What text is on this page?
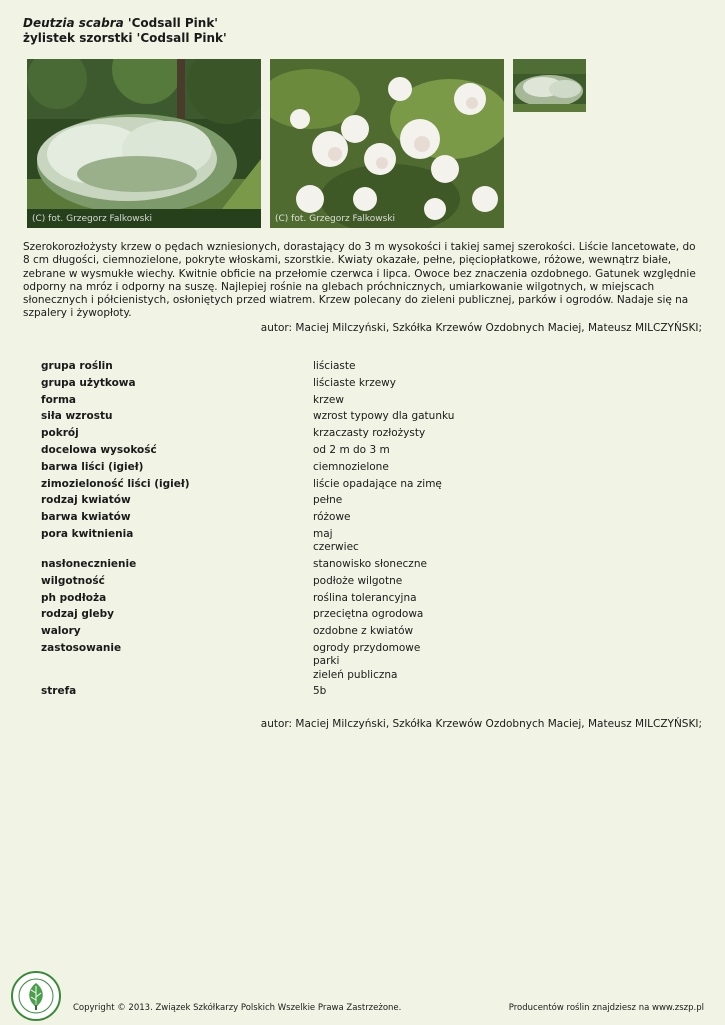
Deutzia scabra 'Codsall Pink'
żylistek szorstki 'Codsall Pink'
(C) fot. Grzegorz Falkowski	(C) fot. Grzegorz Falkowski
Szerokorozłożysty krzew o pędach wzniesionych, dorastający do 3 m wysokości i takiej samej szerokości. Liście lancetowate, do 8 cm długości, ciemnozielone, pokryte włoskami, szorstkie. Kwiaty okazałe, pełne, pięciopłatkowe, różowe, wewnątrz białe, zebrane w wysmukłe wiechy. Kwitnie obficie na przełomie czerwca i lipca. Owoce bez znaczenia ozdobnego. Gatunek względnie odporny na mróz i odporny na suszę. Najlepiej rośnie na glebach próchnicznych, umiarkowanie wilgotnych, w miejscach słonecznych i półcienistych, osłoniętych przed wiatrem. Krzew polecany do zieleni publicznej, parków i ogrodów. Nadaje się na szpalery i żywopłoty.
autor: Maciej Milczyński, Szkółka Krzewów Ozdobnych Maciej, Mateusz MILCZYŃSKI;
grupa roślin	liściaste
grupa użytkowa	liściaste krzewy
forma	krzew
siła wzrostu	wzrost typowy dla gatunku
pokrój	krzaczasty rozłożysty
docelowa wysokość	od 2 m do 3 m
barwa liści (igieł)	ciemnozielone
zimozieloność liści (igieł)	liście opadające na zimę
rodzaj kwiatów	pełne
barwa kwiatów	różowe
pora kwitnienia	maj
czerwiec
nasłonecznienie	stanowisko słoneczne
wilgotność	podłoże wilgotne
ph podłoża	roślina tolerancyjna
rodzaj gleby	przeciętna ogrodowa
walory	ozdobne z kwiatów
zastosowanie	ogrody przydomowe
parki
zieleń publiczna
strefa	5b
autor: Maciej Milczyński, Szkółka Krzewów Ozdobnych Maciej, Mateusz MILCZYŃSKI;
Copyright © 2013. Związek Szkółkarzy Polskich Wszelkie Prawa Zastrzeżone.	Producentów roślin znajdziesz na www.zszp.pl
